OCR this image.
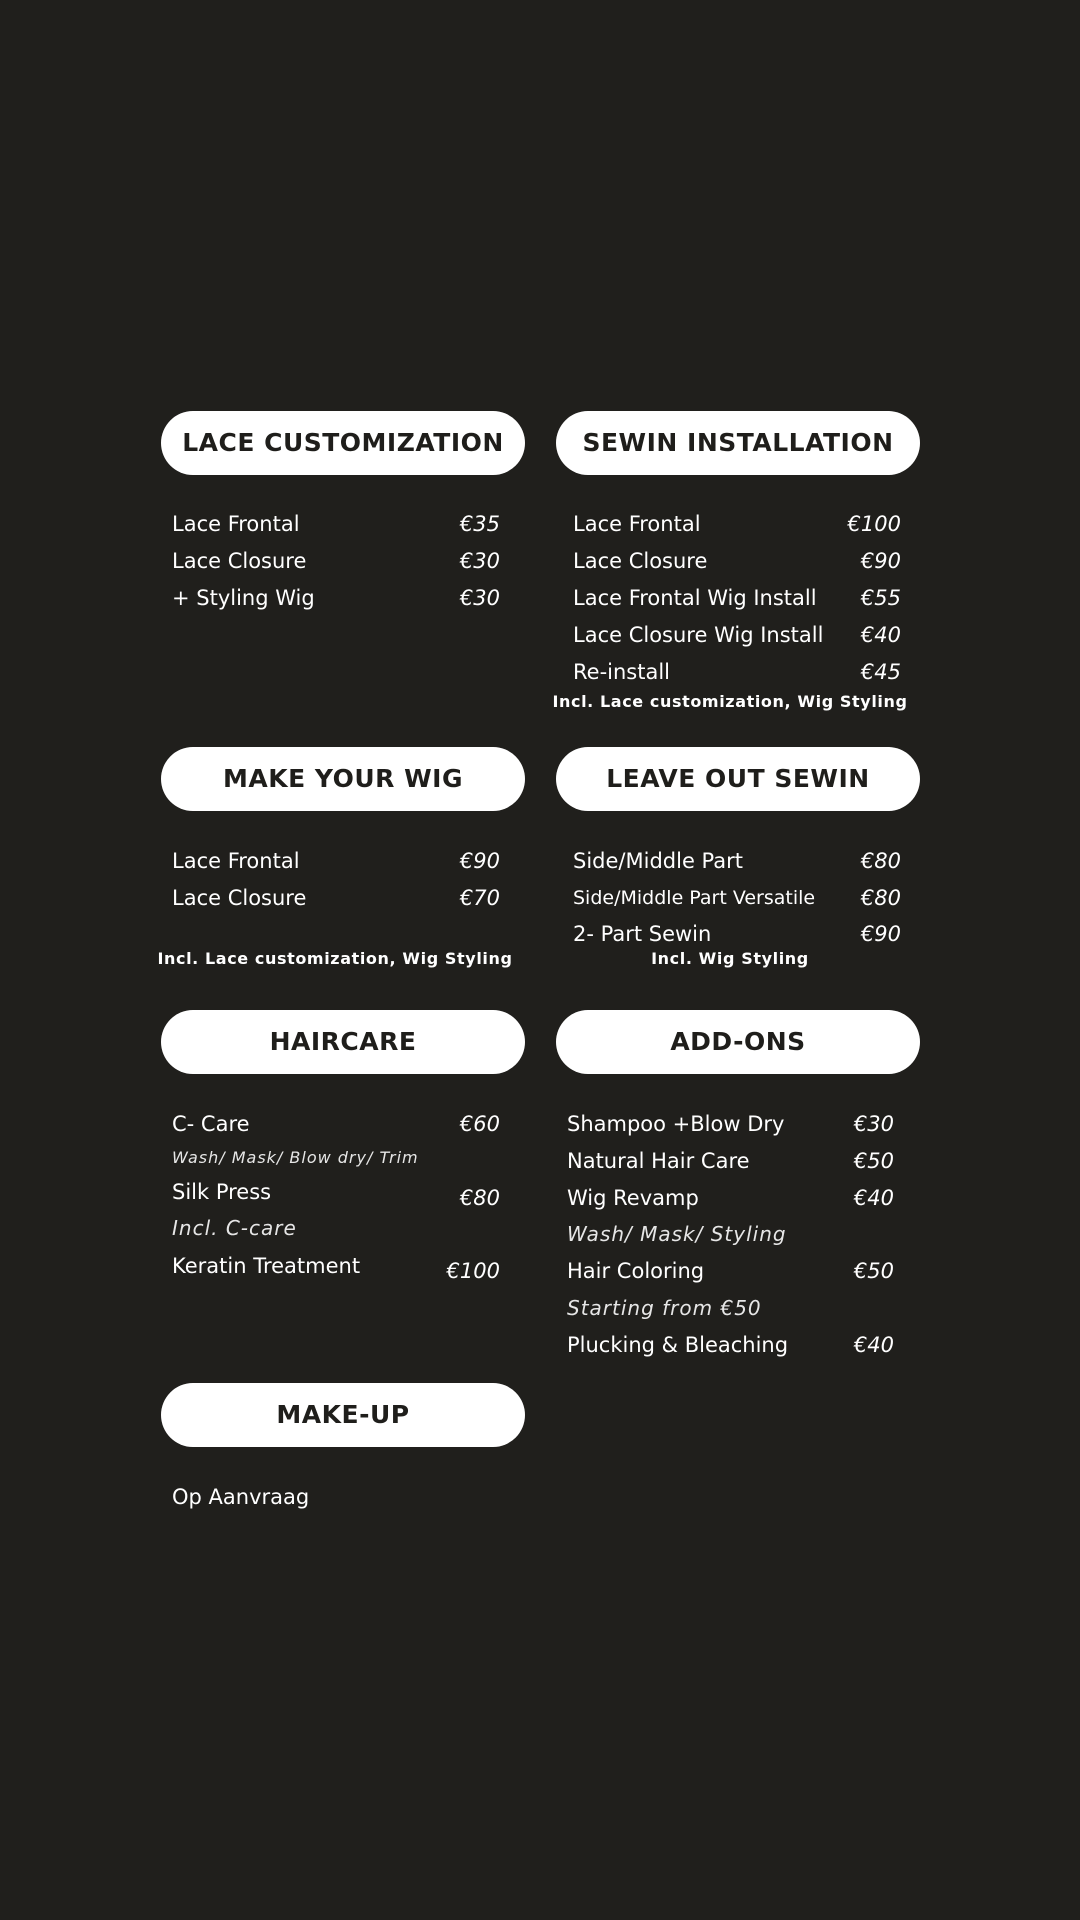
LACE CUSTOMIZATION
Lace Frontal	€35
Lace Closure	€30
+ Styling Wig	€30
SEWIN INSTALLATION
Lace Frontal	€100
Lace Closure	€90
Lace Frontal Wig Install	€55
Lace Closure Wig Install	€40
Re-install	€45
Incl. Lace customization, Wig Styling
MAKE YOUR WIG
Lace Frontal	€90
Lace Closure	€70
Incl. Lace customization, Wig Styling
LEAVE OUT SEWIN
Side/Middle Part	€80
Side/Middle Part Versatile	€80
2- Part Sewin	€90
Incl. Wig Styling
HAIRCARE
C- Care	€60
Wash/ Mask/ Blow dry/ Trim
Silk Press	€80
Incl. C-care
Keratin Treatment	€100
ADD-ONS
Shampoo +Blow Dry	€30
Natural Hair Care	€50
Wig Revamp	€40
Wash/ Mask/ Styling
Hair Coloring	€50
Starting from €50
Plucking & Bleaching	€40
MAKE-UP
Op Aanvraag
